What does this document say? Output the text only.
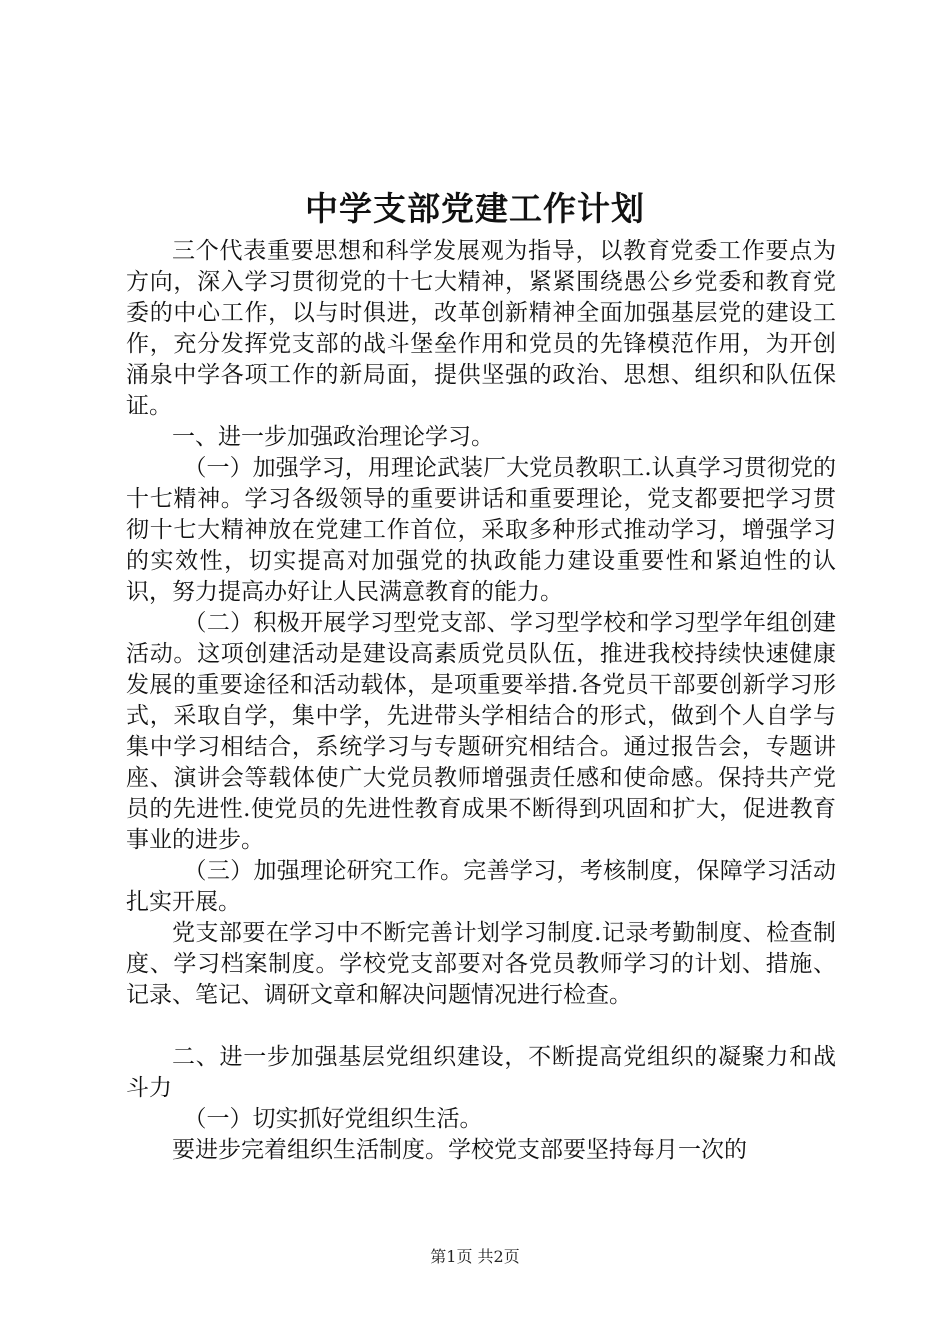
中学支部党建工作计划

三个代表重要思想和科学发展观为指导，以教育党委工作要点为方向，深入学习贯彻党的十七大精神，紧紧围绕愚公乡党委和教育党委的中心工作，以与时俱进，改革创新精神全面加强基层党的建设工作，充分发挥党支部的战斗堡垒作用和党员的先锋模范作用，为开创涌泉中学各项工作的新局面，提供坚强的政治、思想、组织和队伍保证。

一、进一步加强政治理论学习。

（一）加强学习，用理论武装厂大党员教职工.认真学习贯彻党的十七精神。学习各级领导的重要讲话和重要理论，党支都要把学习贯彻十七大精神放在党建工作首位，采取多种形式推动学习，增强学习的实效性，切实提高对加强党的执政能力建设重要性和紧迫性的认识，努力提高办好让人民满意教育的能力。

（二）积极开展学习型党支部、学习型学校和学习型学年组创建活动。这项创建活动是建设高素质党员队伍，推进我校持续快速健康发展的重要途径和活动载体，是项重要举措.各党员干部要创新学习形式，采取自学，集中学，先进带头学相结合的形式，做到个人自学与集中学习相结合，系统学习与专题研究相结合。通过报告会，专题讲座、演讲会等载体使广大党员教师增强责任感和使命感。保持共产党员的先进性.使党员的先进性教育成果不断得到巩固和扩大，促进教育事业的进步。

（三）加强理论研究工作。完善学习，考核制度，保障学习活动扎实开展。

党支部要在学习中不断完善计划学习制度.记录考勤制度、检查制度、学习档案制度。学校党支部要对各党员教师学习的计划、措施、记录、笔记、调研文章和解决问题情况进行检查。

二、进一步加强基层党组织建设，不断提高党组织的凝聚力和战斗力

（一）切实抓好党组织生活。

要进步完着组织生活制度。学校党支部要坚持每月一次的

第1页 共2页
